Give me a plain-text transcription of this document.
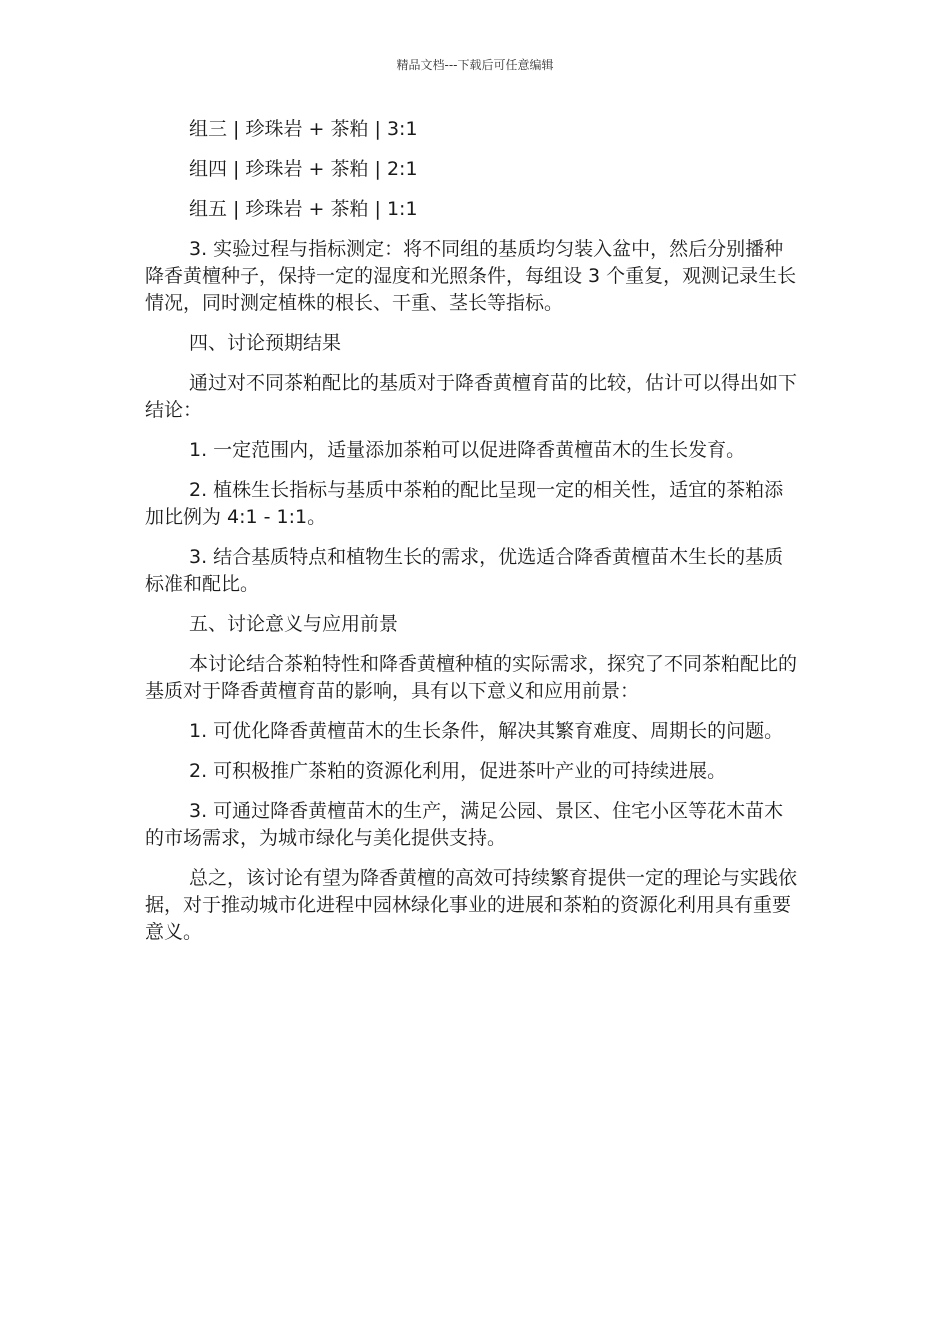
精品文档---下载后可任意编辑

组三 | 珍珠岩 + 茶粕 | 3:1

组四 | 珍珠岩 + 茶粕 | 2:1

组五 | 珍珠岩 + 茶粕 | 1:1

3. 实验过程与指标测定：将不同组的基质均匀装入盆中，然后分别播种降香黄檀种子，保持一定的湿度和光照条件，每组设 3 个重复，观测记录生长情况，同时测定植株的根长、干重、茎长等指标。

四、讨论预期结果

通过对不同茶粕配比的基质对于降香黄檀育苗的比较，估计可以得出如下结论：

1. 一定范围内，适量添加茶粕可以促进降香黄檀苗木的生长发育。

2. 植株生长指标与基质中茶粕的配比呈现一定的相关性，适宜的茶粕添加比例为 4:1 - 1:1。

3. 结合基质特点和植物生长的需求，优选适合降香黄檀苗木生长的基质标准和配比。

五、讨论意义与应用前景

本讨论结合茶粕特性和降香黄檀种植的实际需求，探究了不同茶粕配比的基质对于降香黄檀育苗的影响，具有以下意义和应用前景：

1. 可优化降香黄檀苗木的生长条件，解决其繁育难度、周期长的问题。

2. 可积极推广茶粕的资源化利用，促进茶叶产业的可持续进展。

3. 可通过降香黄檀苗木的生产，满足公园、景区、住宅小区等花木苗木的市场需求，为城市绿化与美化提供支持。

总之，该讨论有望为降香黄檀的高效可持续繁育提供一定的理论与实践依据，对于推动城市化进程中园林绿化事业的进展和茶粕的资源化利用具有重要意义。
